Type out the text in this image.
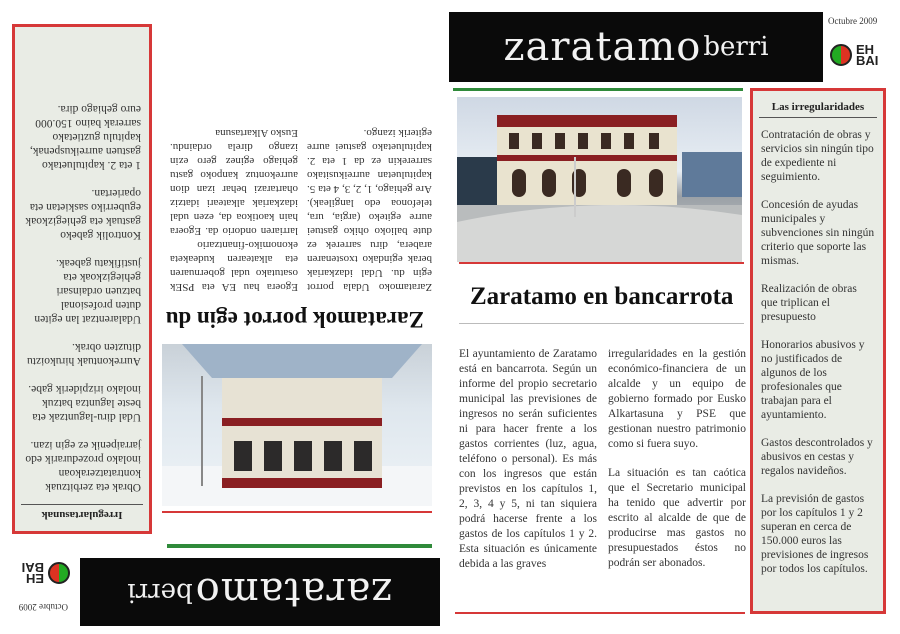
Octubre 2009
zaratamo berri	EH
BAI
Zaratamo en bancarrota

El ayuntamiento de Zaratamo está en bancarrota. Según un informe del propio secretario municipal las previsiones de ingresos no serán suficientes ni para hacer frente a los gastos corrientes (luz, agua, teléfono o personal). Es más con los ingresos que están previstos en los capítulos 1, 2, 3, 4 y 5, ni tan siquiera podrá hacerse frente a los gastos de los capítulos 1 y 2. Esta situación es únicamente debida a las graves

irregularidades en la gestión económico-financiera de un alcalde y un equipo de gobierno formado por Eusko Alkartasuna y PSE que gestionan nuestro patrimonio como si fuera suyo.

La situación es tan caótica que el Secretario municipal ha tenido que advertir por escrito al alcalde de que de producirse mas gastos no presupuestados éstos no podrán ser abonados.

Las irregularidades
Contratación de obras y servicios sin ningún tipo de expediente ni seguimiento.
Concesión de ayudas municipales y subvenciones sin ningún criterio que soporte las mismas.
Realización de obras que triplican el presupuesto
Honorarios abusivos y no justificados de algunos de los profesionales que trabajan para el ayuntamiento.
Gastos descontrolados y abusivos en cestas y regalos navideños.
La previsión de gastos por los capítulos 1 y 2 superan en cerca de 150.000 euros las previsiones de ingresos por todos los capítulos.
Octubre 2009	zaratamo
berri
EH
BAI
Zaratamok porrot egin du

Zaratamoko Udala porrot egin du. Udal idazkariak berak egindako txostenaren arabera, diru sarrerek ez dute balioko ohiko gastuei aurre egiteko (argia, ura, telefonoa edo langileak). Are gehiago, 1, 2, 3, 4 eta 5. kapituluetan aurreikusitako sarrerekin ez da 1 eta 2. kapituluetako gastuei aurre egiterik izango.

Egoera hau EA eta PSEk osatutako udal gobernuaren eta alkatearen kudeaketa ekonomiko-finantzario larriaren ondorio da. Egoera hain kaotikoa da, ezen udal idazkariak alkateari idatziz ohartarazi behar izan dion aurrekontuz kanpoko gastu gehiago eginez gero ezin izango direla ordaindu. Eusko Alkartasuna

Irregulartasunak
Obrak eta zerbitzuak kontratatzerakoan inolako prozedurarik edo jarraipenik ez egin izan.
Udal diru-laguntzak eta beste laguntza batzuk inolako irizpiderik gabe.
Aurrekontuak hirukoiztu dituzten obrak.
Udalarentzat lan egiten duten profesional batzuen ordainsari gehiegizkoak eta justifikatu gabeak.
Kontrolik gabeko gastuak eta gehiegizkoak eguberriko saskietan eta opariertan.
1 eta 2. kapituluetako gastuen aurreikuspenak, kapitulu guztietako sarrerak baino 150.000 euro gehiago dira.
